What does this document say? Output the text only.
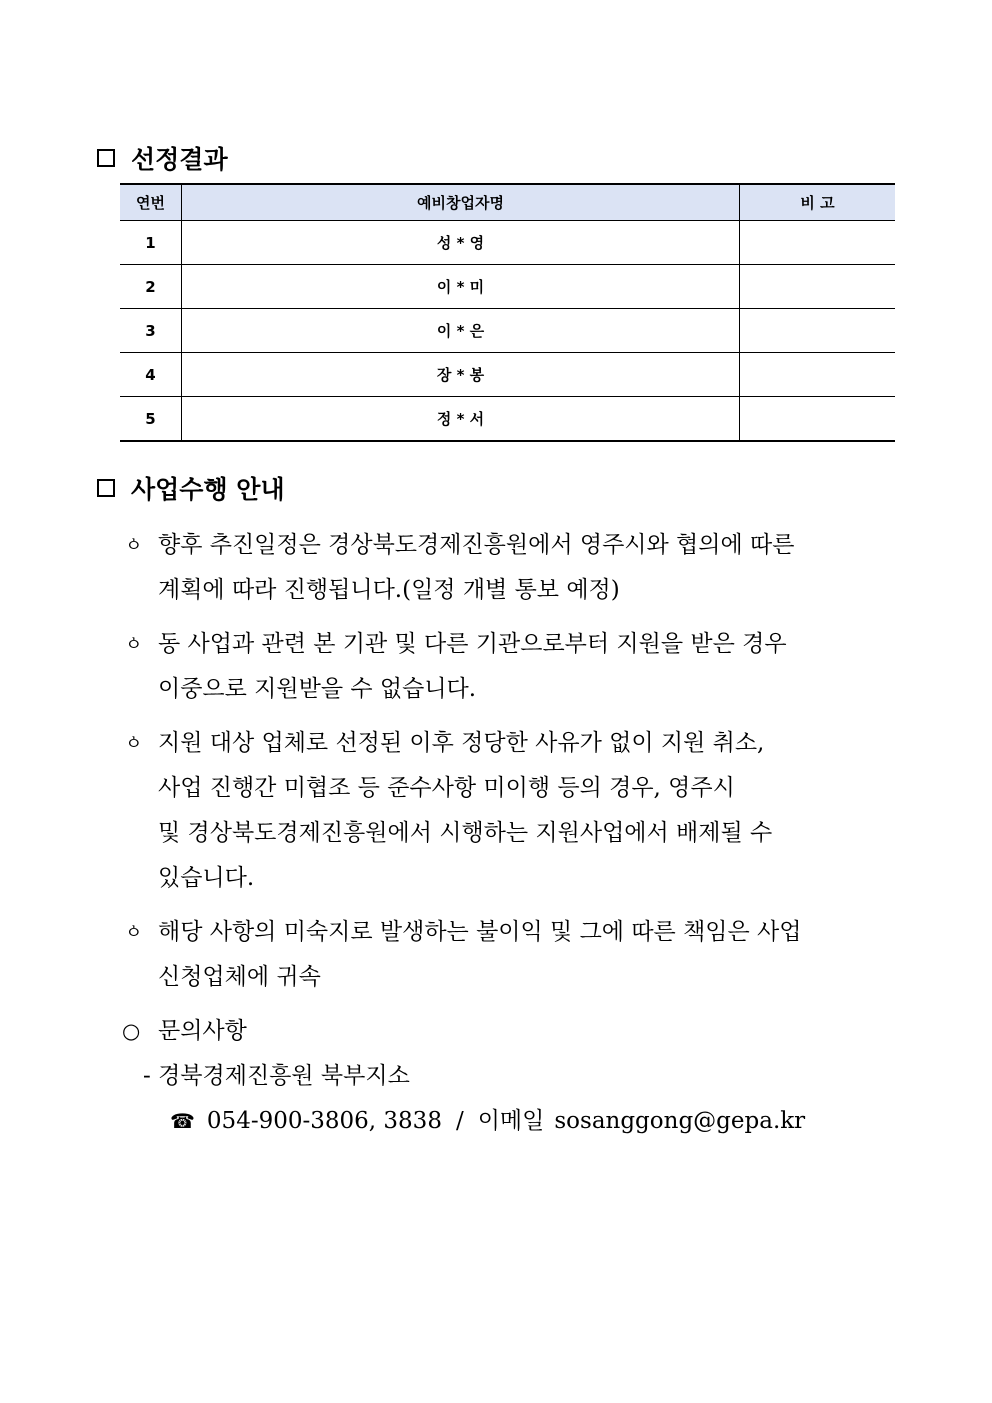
선정결과
연번	예비창업자명	비 고
1	성 * 영	
2	이 * 미	
3	이 * 은	
4	장 * 봉	
5	정 * 서	
사업수행 안내
ㆁ 향후 추진일정은 경상북도경제진흥원에서 영주시와 협의에 따른
계획에 따라 진행됩니다.(일정 개별 통보 예정)
ㆁ 동 사업과 관련 본 기관 및 다른 기관으로부터 지원을 받은 경우
이중으로 지원받을 수 없습니다.
ㆁ 지원 대상 업체로 선정된 이후 정당한 사유가 없이 지원 취소,
사업 진행간 미협조 등 준수사항 미이행 등의 경우, 영주시
및 경상북도경제진흥원에서 시행하는 지원사업에서 배제될 수
있습니다.
ㆁ 해당 사항의 미숙지로 발생하는 불이익 및 그에 따른 책임은 사업
신청업체에 귀속
○ 문의사항
- 경북경제진흥원 북부지소
☎ 054-900-3806, 3838 / 이메일 sosanggong@gepa.kr
